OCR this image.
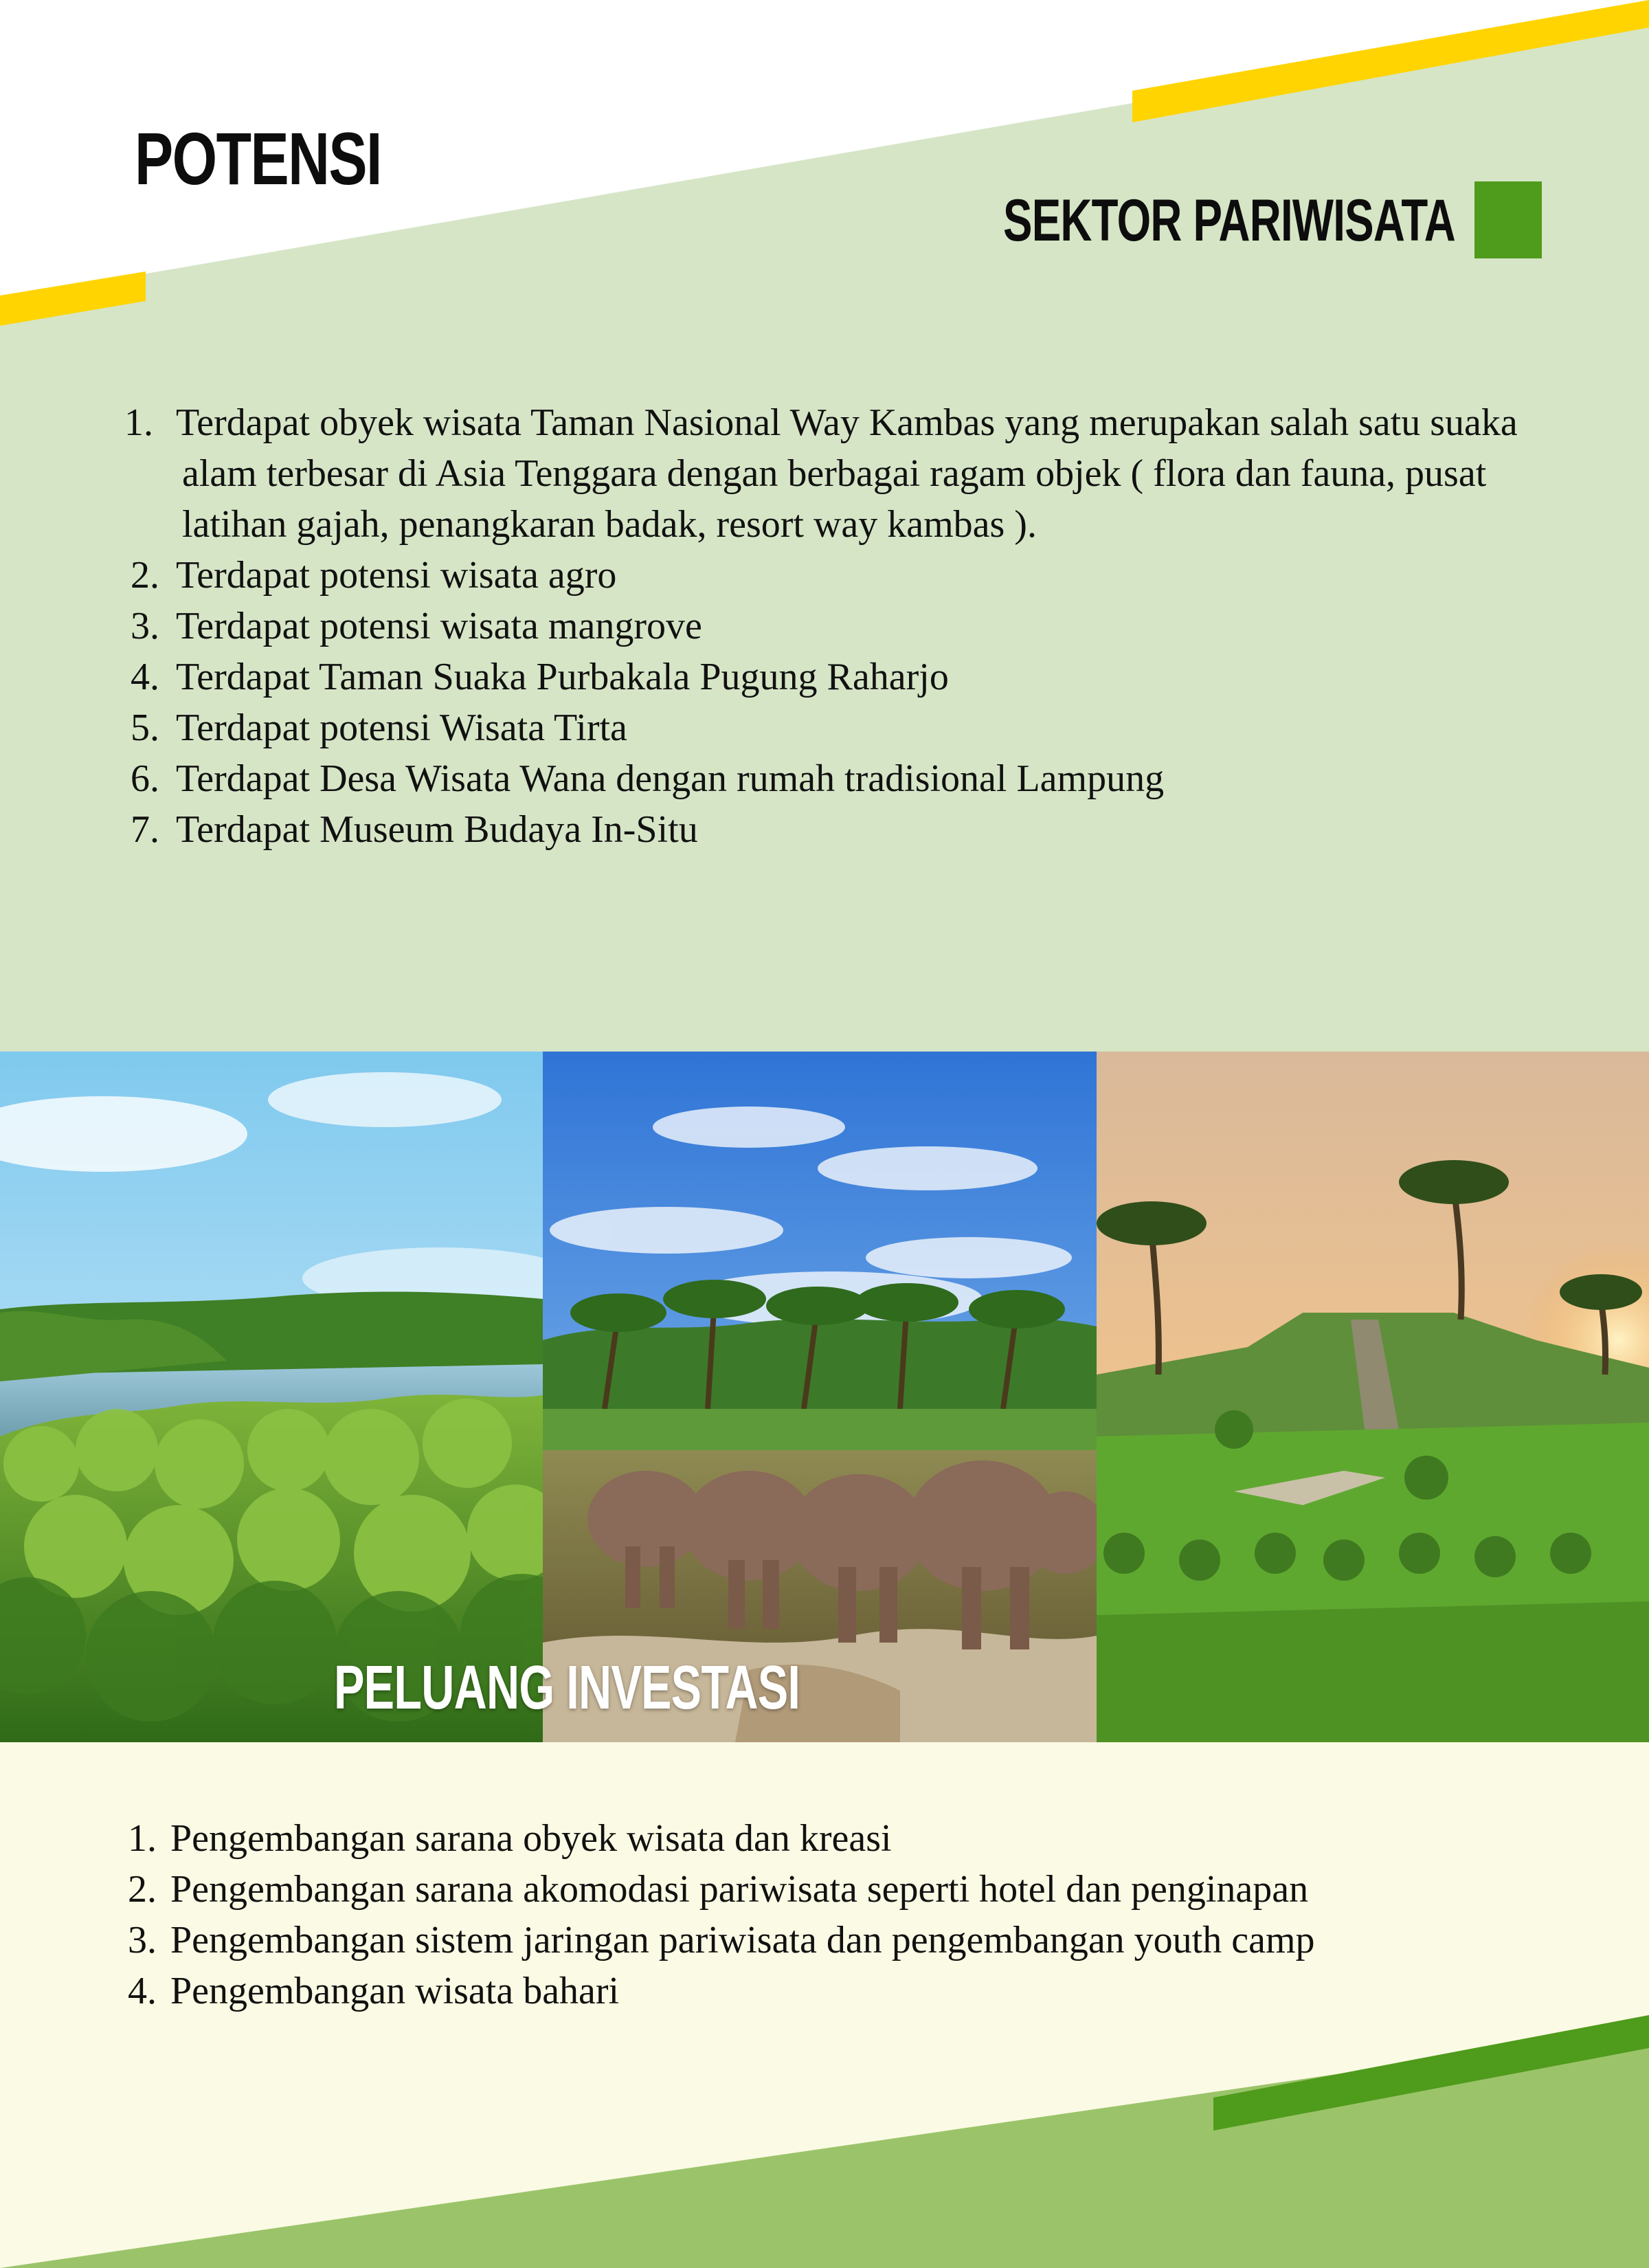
POTENSI
SEKTOR PARIWISATA
1. Terdapat obyek wisata Taman Nasional Way Kambas yang merupakan salah satu suaka alam terbesar di Asia Tenggara dengan berbagai ragam objek ( flora dan fauna, pusat latihan gajah, penangkaran badak, resort way kambas ).
2. Terdapat potensi wisata agro
3. Terdapat potensi wisata mangrove
4. Terdapat Taman Suaka Purbakala Pugung Raharjo
5. Terdapat potensi Wisata Tirta
6. Terdapat Desa Wisata Wana dengan rumah tradisional Lampung
7. Terdapat Museum Budaya In-Situ
PELUANG INVESTASI
1. Pengembangan sarana obyek wisata dan kreasi
2. Pengembangan sarana akomodasi pariwisata seperti hotel dan penginapan
3. Pengembangan sistem jaringan pariwisata dan pengembangan youth camp
4. Pengembangan wisata bahari
